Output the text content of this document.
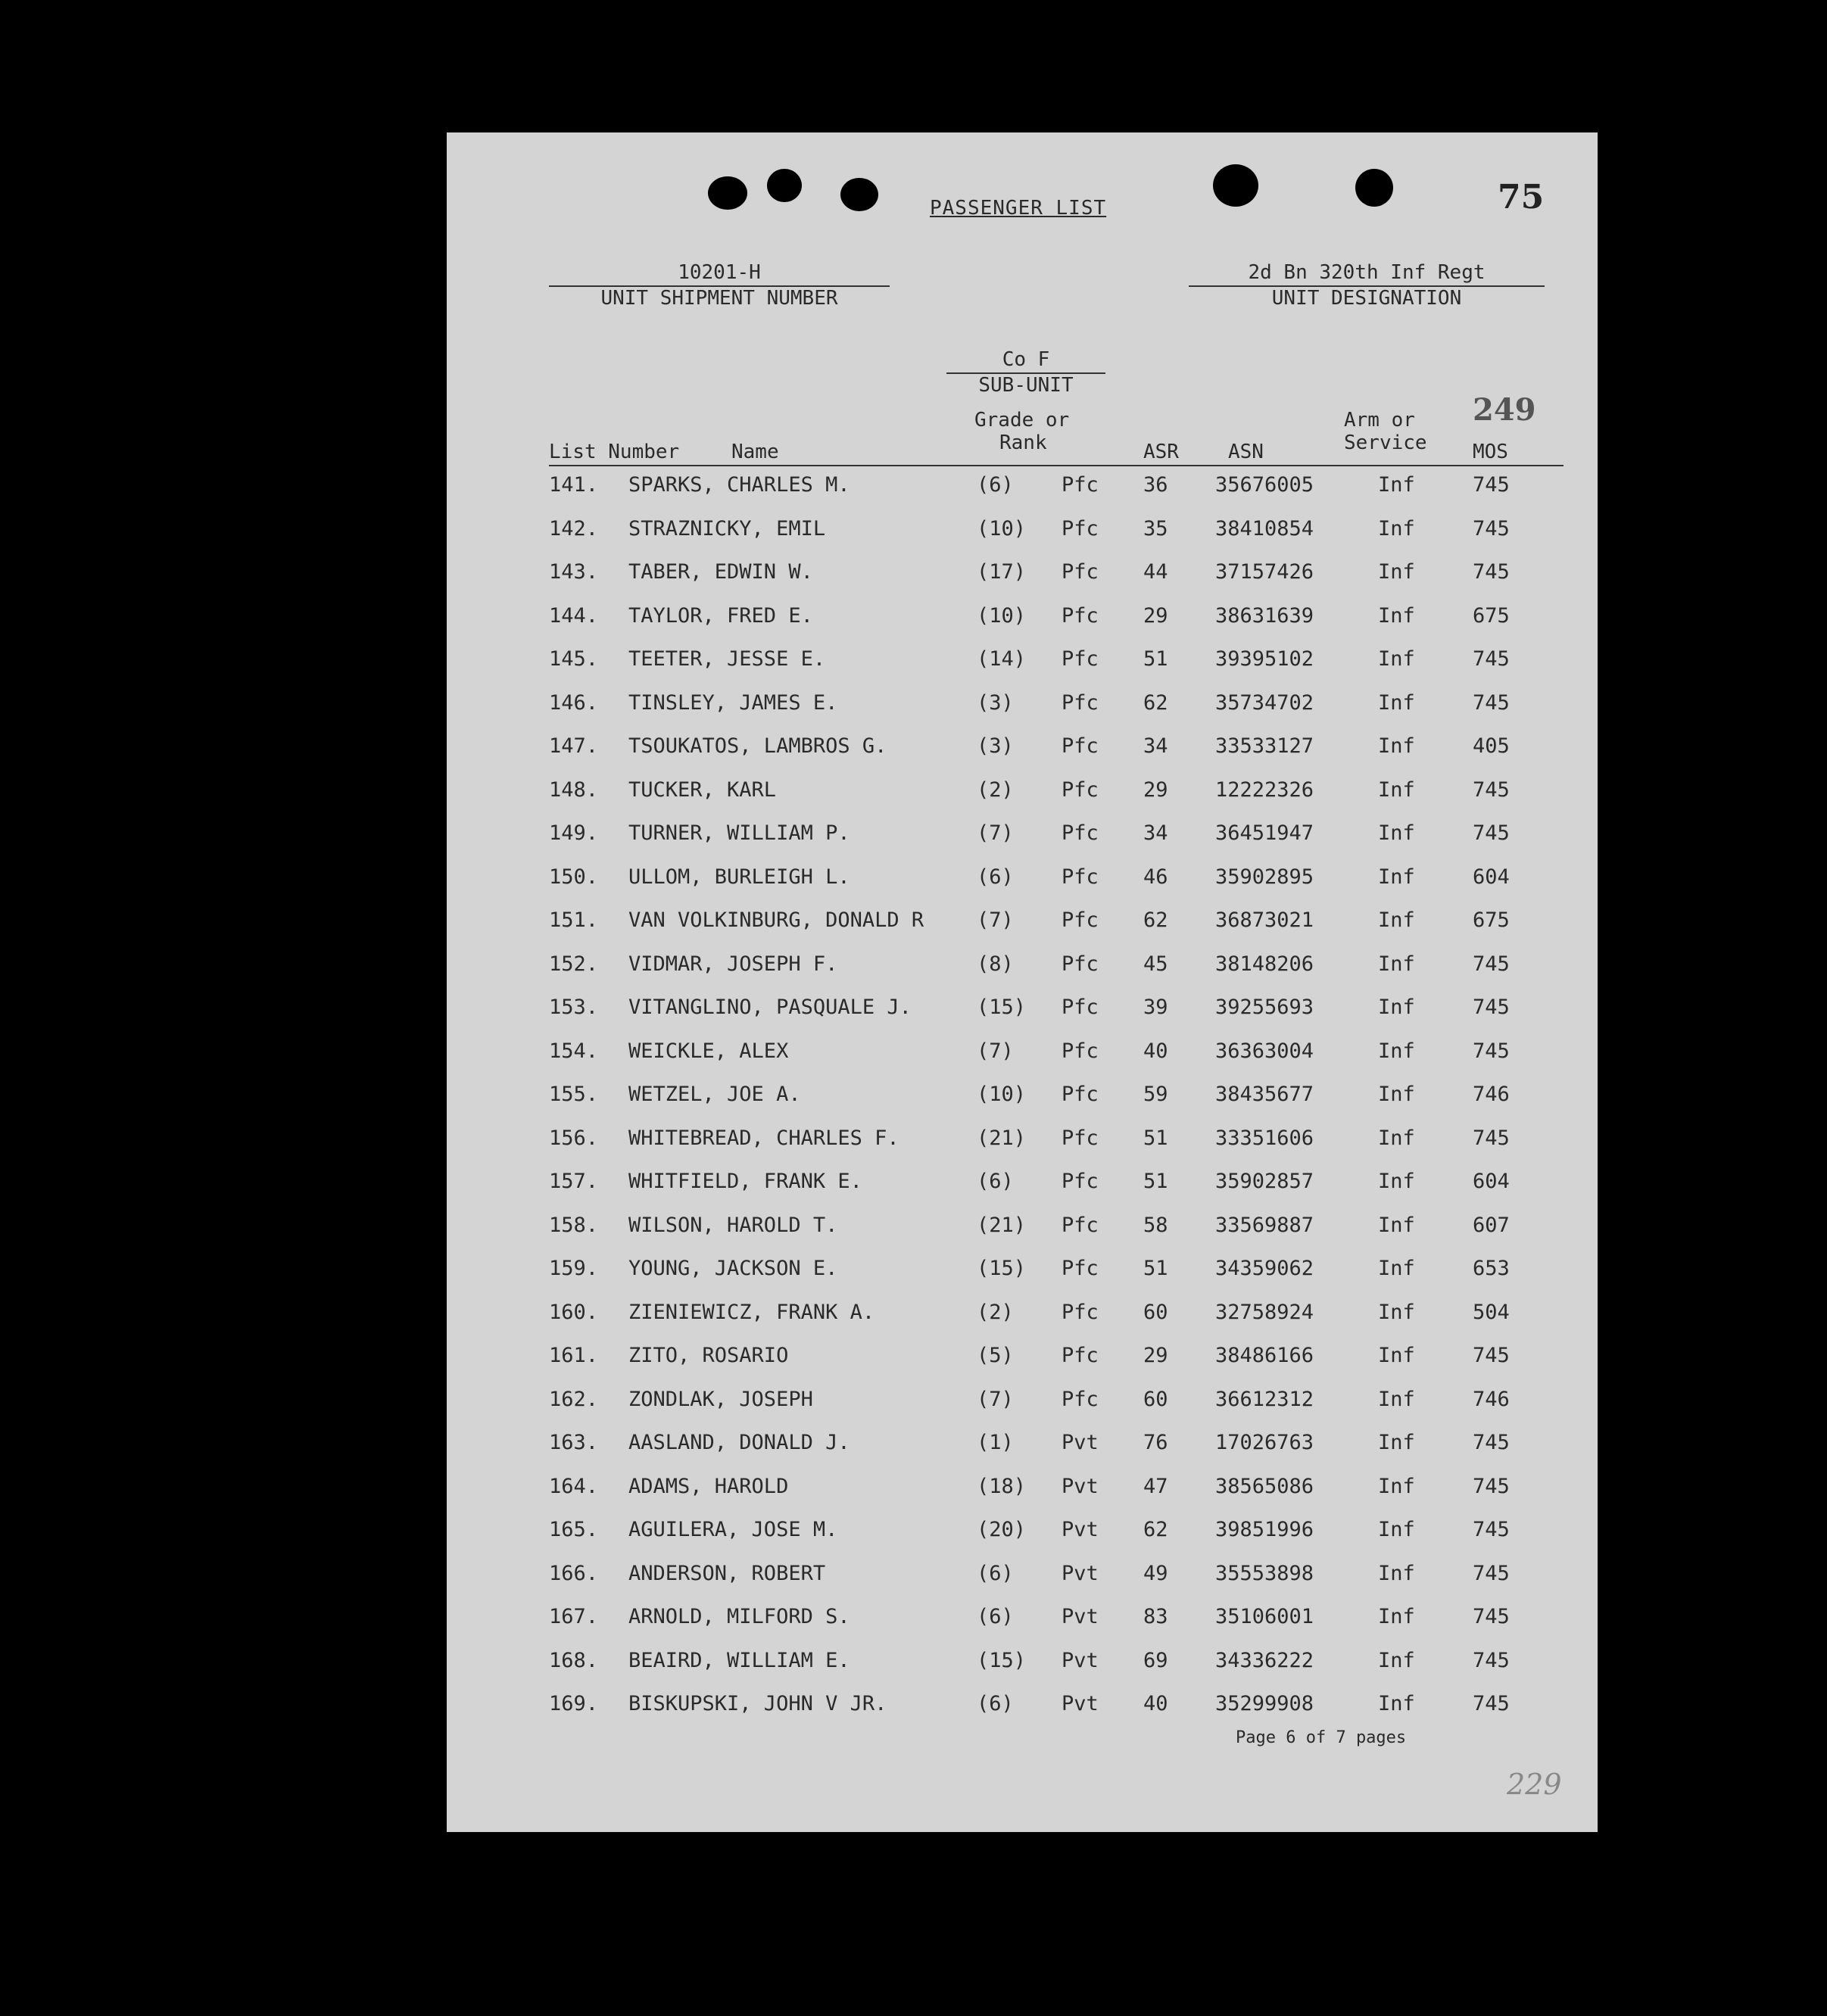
75
PASSENGER LIST
10201-H
UNIT SHIPMENT NUMBER
2d Bn 320th Inf Regt
UNIT DESIGNATION
Co F
SUB-UNIT
List Number	Name
Grade or
Rank	ASR	ASN
Arm or
Service
249
MOS
141. SPARKS, CHARLES M.	(6) Pfc 36 35676005	Inf	745
142. STRAZNICKY, EMIL	(10) Pfc 35 38410854	Inf	745
143. TABER, EDWIN W.	(17) Pfc 44 37157426	Inf	745
144. TAYLOR, FRED E.	(10) Pfc 29 38631639	Inf	675
145. TEETER, JESSE E.	(14) Pfc 51 39395102	Inf	745
146. TINSLEY, JAMES E.	(3) Pfc 62 35734702	Inf	745
147. TSOUKATOS, LAMBROS G.	(3) Pfc 34 33533127	Inf	405
148. TUCKER, KARL	(2) Pfc 29 12222326	Inf	745
149. TURNER, WILLIAM P.	(7) Pfc 34 36451947	Inf	745
150. ULLOM, BURLEIGH L.	(6) Pfc 46 35902895	Inf	604
151. VAN VOLKINBURG, DONALD R	(7) Pfc 62 36873021	Inf	675
152. VIDMAR, JOSEPH F.	(8) Pfc 45 38148206	Inf	745
153. VITANGLINO, PASQUALE J.	(15) Pfc 39 39255693	Inf	745
154. WEICKLE, ALEX	(7) Pfc 40 36363004	Inf	745
155. WETZEL, JOE A.	(10) Pfc 59 38435677	Inf	746
156. WHITEBREAD, CHARLES F.	(21) Pfc 51 33351606	Inf	745
157. WHITFIELD, FRANK E.	(6) Pfc 51 35902857	Inf	604
158. WILSON, HAROLD T.	(21) Pfc 58 33569887	Inf	607
159. YOUNG, JACKSON E.	(15) Pfc 51 34359062	Inf	653
160. ZIENIEWICZ, FRANK A.	(2) Pfc 60 32758924	Inf	504
161. ZITO, ROSARIO	(5) Pfc 29 38486166	Inf	745
162. ZONDLAK, JOSEPH	(7) Pfc 60 36612312	Inf	746
163. AASLAND, DONALD J.	(1) Pvt 76 17026763	Inf	745
164. ADAMS, HAROLD	(18) Pvt 47 38565086	Inf	745
165. AGUILERA, JOSE M.	(20) Pvt 62 39851996	Inf	745
166. ANDERSON, ROBERT	(6) Pvt 49 35553898	Inf	745
167. ARNOLD, MILFORD S.	(6) Pvt 83 35106001	Inf	745
168. BEAIRD, WILLIAM E.	(15) Pvt 69 34336222	Inf	745
169. BISKUPSKI, JOHN V JR.	(6) Pvt 40 35299908	Inf	745
Page 6 of 7 pages
229
